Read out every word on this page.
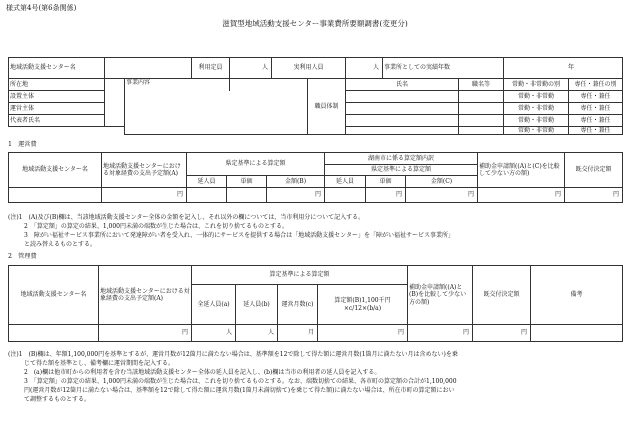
様式第4号(第6条関係)
滋賀型地域活動支援センター事業費所要額調書(変更分)
地域活動支援センター名			利用定員	人	実利用人員		人	事業所としての実績年数		年	
所在地		事業内容				職員体制	氏名		職名等	常勤・非常勤の別	専任・兼任の別
設置主体										常勤・非常勤	専任・兼任
運営主体										常勤・非常勤	専任・兼任
代表者氏名										常勤・非常勤	専任・兼任
										常勤・非常勤	専任・兼任
1　運営費
地域活動支援センター名	地域活動支援センターにおける対象経費の支出予定額(A)	県定基準による算定額			湖南市に係る算定額内訳			補助金申請額((A)と(C)を比較して少ない方の額)	既交付決定額
					県定基準による算定額				
		延人員	単価	金額(B)	延人員	単価	金額(C)		
	円			円		円	円	円	円
(注)1　(A)及び(B)欄は、当該地域活動支援センター全体の金額を記入し、それ以外の欄については、当市利用分について記入する。
2　「算定額」の算定の結果、1,000円未満の端数が生じた場合は、これを切り捨てるものとする。
3　障がい福祉サービス事業所において発達障がい者を受入れ、一体的にサービスを提供する場合は「地域活動支援センター」を「障がい福祉サービス事業所」
と読み替えるものとする。
2　管理費
地域活動支援センター名	地域活動支援センターにおける対象経費の支出予定額(A)	算定基準による算定額				補助金申請額((A)と(B)を比較して少ない方の額)	既交付決定額	備考
		全延人員(a)	延人員(b)	運営月数(c)	算定額(B)1,100千円×c/12×(b/a)			
	円	人	人	月	円	円	円	
(注)1　(B)欄は、年額1,100,000円を基準とするが、運営月数が12箇月に満たない場合は、基準額を12で除して得た額に運営月数(1箇月に満たない月は含めない)を乗
じて得た額を基準とし、備考欄に運営期間を記入する。
2　(a)欄は他市町からの利用者を含む当該地域活動支援センター全体の延人員を記入し、(b)欄は当市の利用者の延人員を記入する。
3　「算定額」の算定の結果、1,000円未満の端数が生じた場合は、これを切り捨てるものとする。なお、端数切捨ての結果、各市町の算定額の合計が1,100,000
円(運営月数が12箇月に満たない場合は、基準額を12で除して得た額に運営月数(1箇月未満切捨て)を乗じて得た額)に満たない場合は、所在市町の算定額におい
て調整するものとする。
